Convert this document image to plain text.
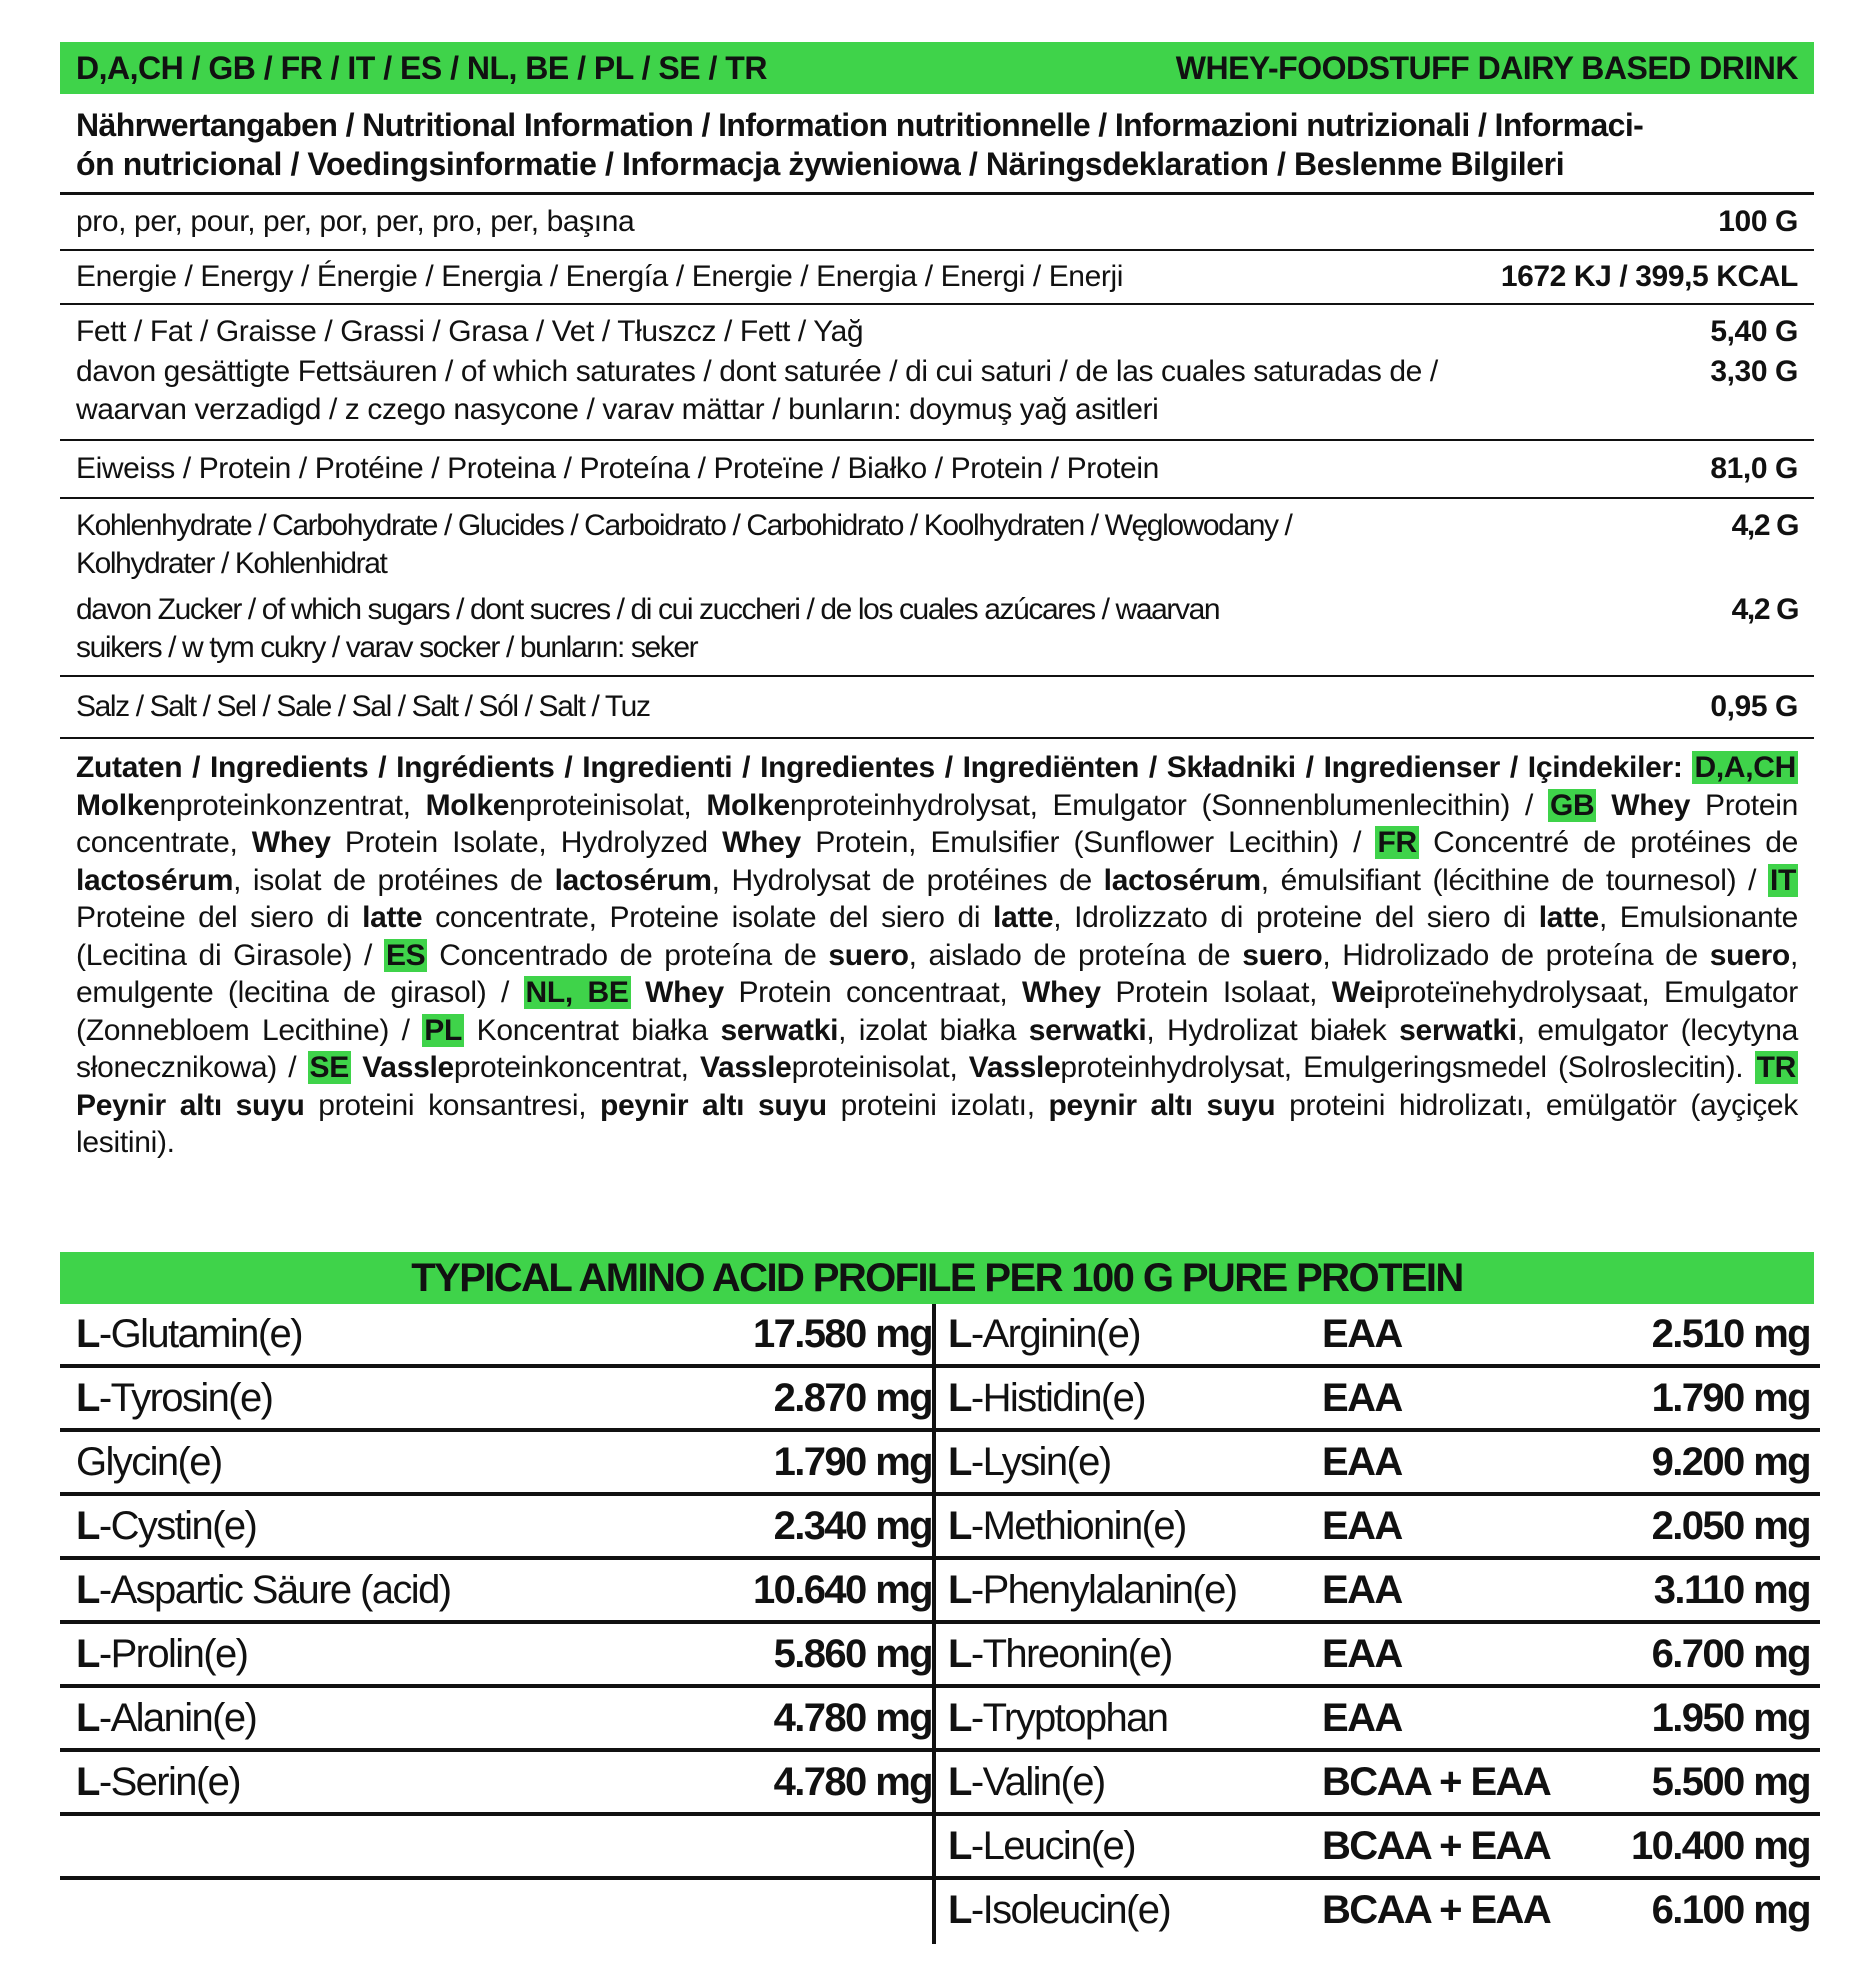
D,A,CH / GB / FR / IT / ES / NL, BE / PL / SE / TR	WHEY-FOODSTUFF DAIRY BASED DRINK
Nährwertangaben / Nutritional Information / Information nutritionnelle / Informazioni nutrizionali / Informaci-
ón nutricional / Voedingsinformatie / Informacja żywieniowa / Näringsdeklaration / Beslenme Bilgileri
pro, per, pour, per, por, per, pro, per, başına	100 G
Energie / Energy / Énergie / Energia / Energía / Energie / Energia / Energi / Enerji	1672 KJ / 399,5 KCAL
Fett / Fat / Graisse / Grassi / Grasa / Vet / Tłuszcz / Fett / Yağ	5,40 G
davon gesättigte Fettsäuren / of which saturates / dont saturée / di cui saturi / de las cuales saturadas de /
waarvan verzadigd / z czego nasycone / varav mättar / bunların: doymuş yağ asitleri
3,30 G
Eiweiss / Protein / Protéine / Proteina / Proteína / Proteïne / Białko / Protein / Protein	81,0 G
Kohlenhydrate / Carbohydrate / Glucides / Carboidrato / Carbohidrato / Koolhydraten / Węglowodany /
Kolhydrater / Kohlenhidrat
4,2 G
davon Zucker / of which sugars / dont sucres / di cui zuccheri / de los cuales azúcares / waarvan
suikers / w tym cukry / varav socker / bunların: seker
4,2 G
Salz / Salt / Sel / Sale / Sal / Salt / Sól / Salt / Tuz	0,95 G
Zutaten / Ingredients / Ingrédients / Ingredienti / Ingredientes / Ingrediënten / Składniki / Ingredienser / Içindekiler: D,A,CH Molkenproteinkonzentrat, Molkenproteinisolat, Molkenproteinhydrolysat, Emulgator (Sonnenblumenlecithin) / GB Whey Protein concentrate, Whey Protein Isolate, Hydrolyzed Whey Protein, Emulsifier (Sunflower Lecithin) / FR Concentré de protéines de lactosérum, isolat de protéines de lactosérum, Hydrolysat de protéines de lactosérum, émulsifiant (lécithine de tournesol) / IT Proteine del siero di latte concentrate, Proteine isolate del siero di latte, Idrolizzato di proteine del siero di latte, Emulsionante (Lecitina di Girasole) / ES Concentrado de proteína de suero, aislado de proteína de suero, Hidrolizado de proteína de suero, emulgente (lecitina de girasol) / NL, BE Whey Protein concentraat, Whey Protein Isolaat, Weiproteïnehydrolysaat, Emulgator (Zonnebloem Lecithine) / PL Koncentrat białka serwatki, izolat białka serwatki, Hydrolizat białek serwatki, emulgator (lecytyna słonecznikowa) / SE Vassleproteinkoncentrat, Vassleproteinisolat, Vassleproteinhydrolysat, Emulgeringsmedel (Solroslecitin). TR Peynir altı suyu proteini konsantresi, peynir altı suyu proteini izolatı, peynir altı suyu proteini hidrolizatı, emülgatör (ayçiçek lesitini).
TYPICAL AMINO ACID PROFILE PER 100 G PURE PROTEIN
L -Glutamin(e)	17.580 mg L -Arginin(e)	EAA	2.510 mg
L -Tyrosin(e)	2.870 mg L -Histidin(e)	EAA	1.790 mg
Glycin(e)	1.790 mg L -Lysin(e)	EAA	9.200 mg
L -Cystin(e)	2.340 mg L -Methionin(e)	EAA	2.050 mg
L -Aspartic Säure (acid)	10.640 mg L -Phenylalanin(e) EAA	3.110 mg
L -Prolin(e)	5.860 mg L -Threonin(e)	EAA	6.700 mg
L -Alanin(e)	4.780 mg L -Tryptophan	EAA	1.950 mg
L -Serin(e)	4.780 mg L -Valin(e)	BCAA + EAA	5.500 mg
L -Leucin(e)	BCAA + EAA 10.400 mg
L -Isoleucin(e)	BCAA + EAA	6.100 mg
